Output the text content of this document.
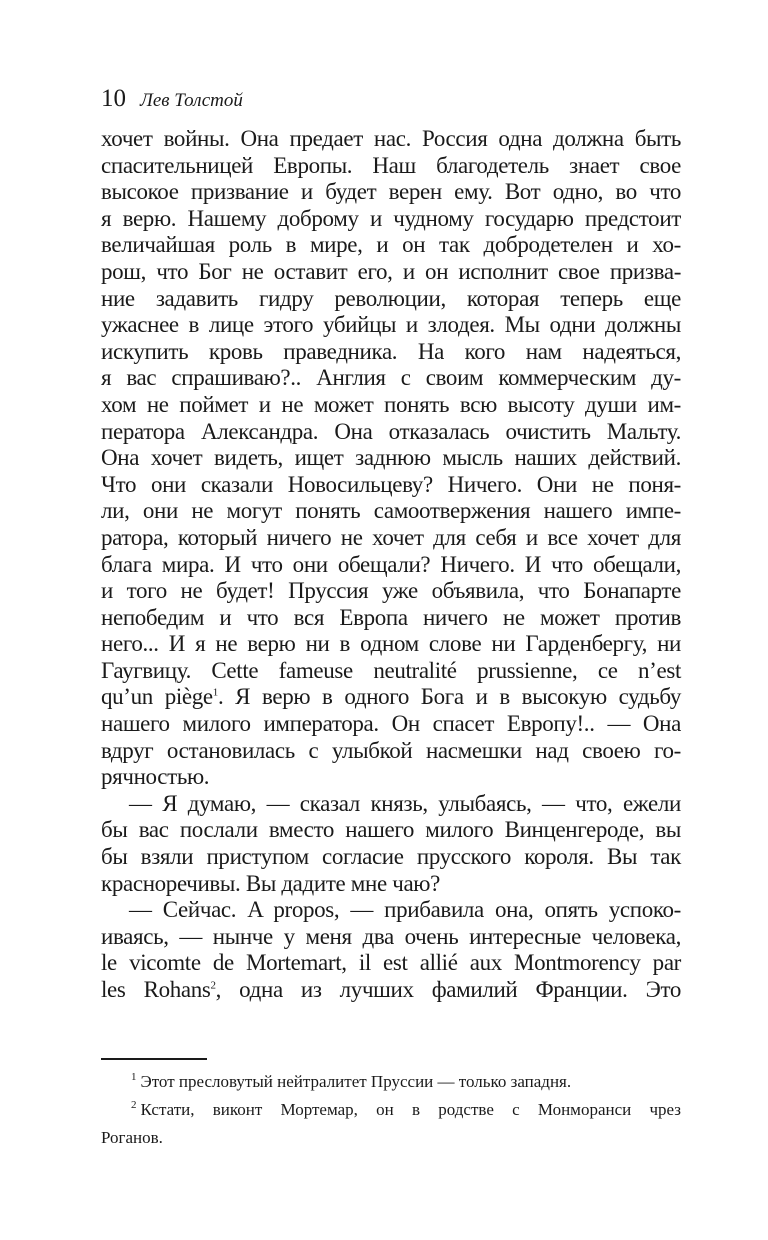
10 Лев Толстой
хочет войны. Она предает нас. Россия одна должна быть
спасительницей Европы. Наш благодетель знает свое
высокое призвание и будет верен ему. Вот одно, во что
я верю. Нашему доброму и чудному государю предстоит
величайшая роль в мире, и он так добродетелен и хо-
рош, что Бог не оставит его, и он исполнит свое призва-
ние задавить гидру революции, которая теперь еще
ужаснее в лице этого убийцы и злодея. Мы одни должны
искупить кровь праведника. На кого нам надеяться,
я вас спрашиваю?.. Англия с своим коммерческим ду-
хом не поймет и не может понять всю высоту души им-
ператора Александра. Она отказалась очистить Мальту.
Она хочет видеть, ищет заднюю мысль наших действий.
Что они сказали Новосильцеву? Ничего. Они не поня-
ли, они не могут понять самоотвержения нашего импе-
ратора, который ничего не хочет для себя и все хочет для
блага мира. И что они обещали? Ничего. И что обещали,
и того не будет! Пруссия уже объявила, что Бонапарте
непобедим и что вся Европа ничего не может против
него... И я не верю ни в одном слове ни Гарденбергу, ни
Гаугвицу. Cette fameuse neutralité prussienne, ce n’est
qu’un piège$^1$. Я верю в одного Бога и в высокую судьбу
нашего милого императора. Он спасет Европу!.. — Она
вдруг остановилась с улыбкой насмешки над своею го-
рячностью.
— Я думаю, — сказал князь, улыбаясь, — что, ежели
бы вас послали вместо нашего милого Винценгероде, вы
бы взяли приступом согласие прусского короля. Вы так
красноречивы. Вы дадите мне чаю?
— Сейчас. A propos, — прибавила она, опять успоко-
иваясь, — нынче у меня два очень интересные человека,
le vicomte de Mortemart, il est allié aux Montmorency par
les Rohans$^2$, одна из лучших фамилий Франции. Это
$^1$ Этот пресловутый нейтралитет Пруссии — только западня.
$^2$ Кстати, виконт Мортемар, он в родстве с Монморанси чрез
Роганов.
